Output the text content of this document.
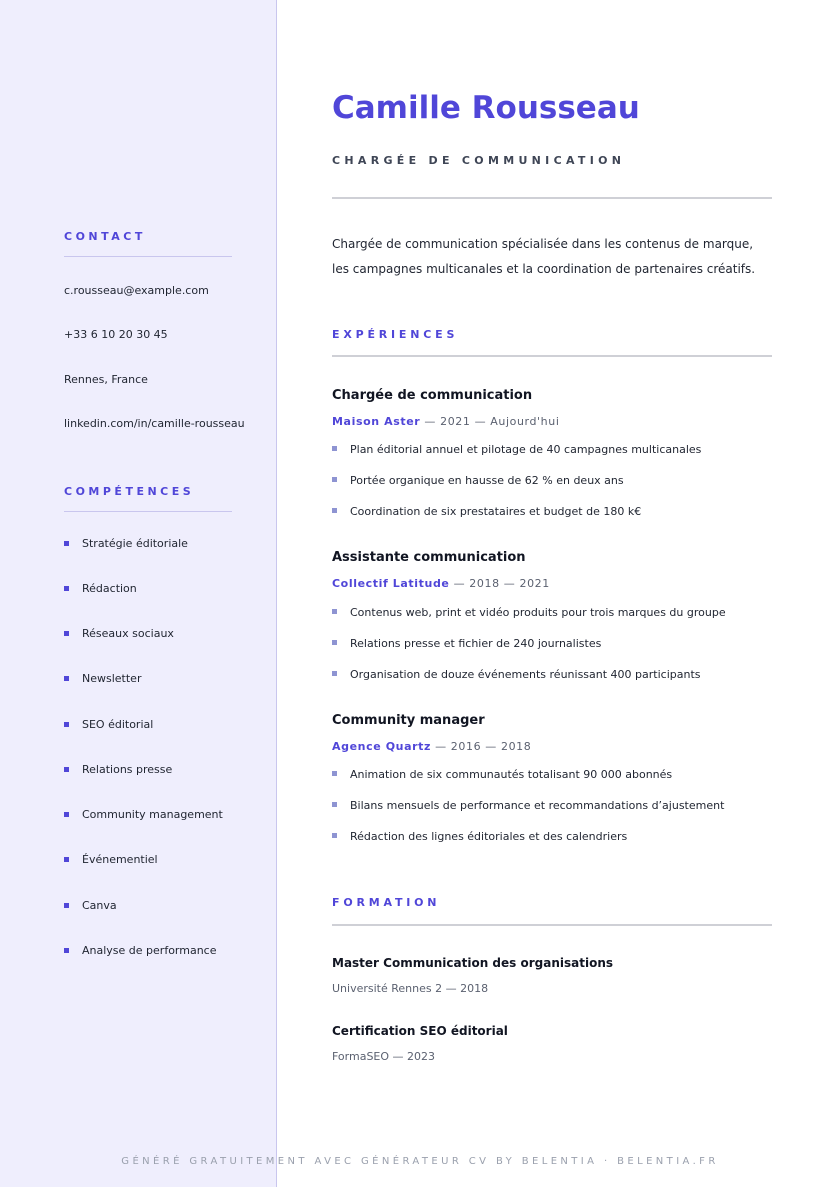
CONTACT
c.rousseau@example.com
+33 6 10 20 30 45
Rennes, France
linkedin.com/in/camille-rousseau
COMPÉTENCES
Stratégie éditoriale
Rédaction
Réseaux sociaux
Newsletter
SEO éditorial
Relations presse
Community management
Événementiel
Canva
Analyse de performance
Camille Rousseau
CHARGÉE DE COMMUNICATION
Chargée de communication spécialisée dans les contenus de marque, les campagnes multicanales et la coordination de partenaires créatifs.
EXPÉRIENCES
Chargée de communication
Maison Aster — 2021 — Aujourd'hui
Plan éditorial annuel et pilotage de 40 campagnes multicanales
Portée organique en hausse de 62 % en deux ans
Coordination de six prestataires et budget de 180 k€
Assistante communication
Collectif Latitude — 2018 — 2021
Contenus web, print et vidéo produits pour trois marques du groupe
Relations presse et fichier de 240 journalistes
Organisation de douze événements réunissant 400 participants
Community manager
Agence Quartz — 2016 — 2018
Animation de six communautés totalisant 90 000 abonnés
Bilans mensuels de performance et recommandations d’ajustement
Rédaction des lignes éditoriales et des calendriers
FORMATION
Master Communication des organisations
Université Rennes 2 — 2018
Certification SEO éditorial
FormaSEO — 2023
GÉNÉRÉ GRATUITEMENT AVEC GÉNÉRATEUR CV BY BELENTIA · BELENTIA.FR
